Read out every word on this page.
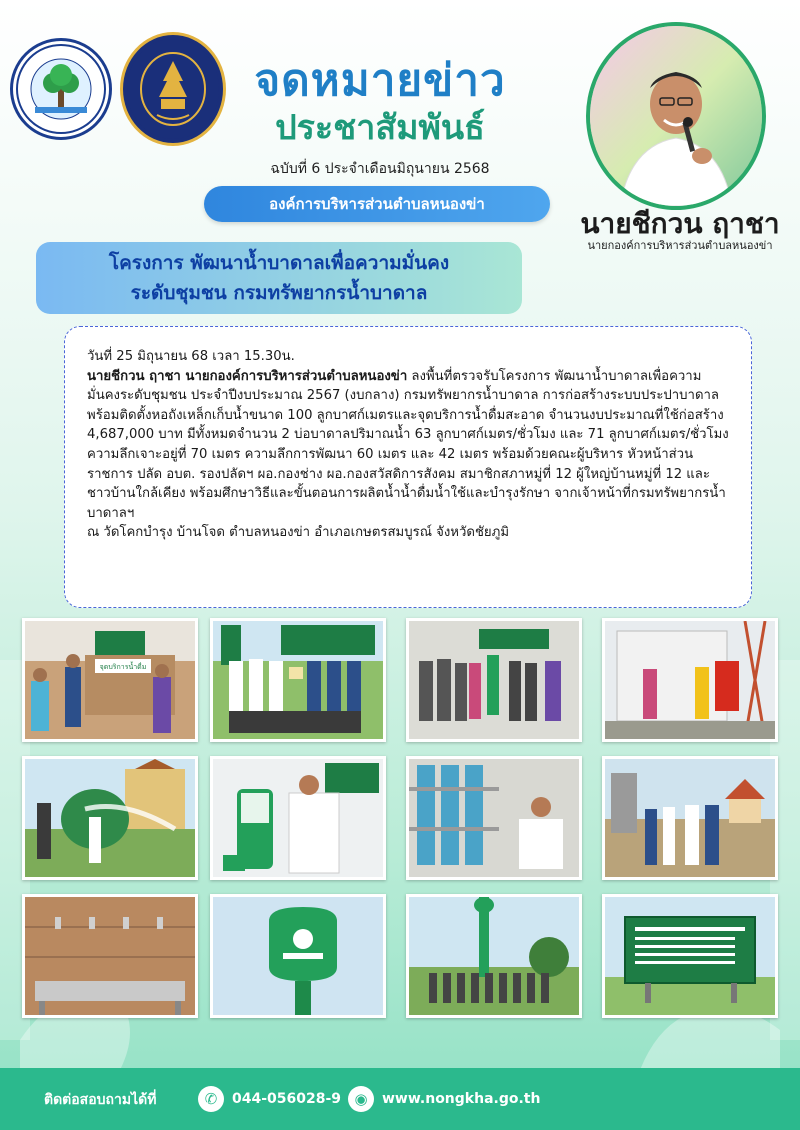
จดหมายข่าว
ประชาสัมพันธ์
ฉบับที่ 6 ประจำเดือนมิถุนายน 2568
องค์การบริหารส่วนตำบลหนองข่า
นายชีกวน ฤาชา
นายกองค์การบริหารส่วนตำบลหนองข่า
โครงการ พัฒนาน้ำบาดาลเพื่อความมั่นคง
ระดับชุมชน กรมทรัพยากรน้ำบาดาล

วันที่ 25 มิถุนายน 68 เวลา 15.30น.

นายชีกวน ฤาชา นายกองค์การบริหารส่วนตำบลหนองข่า ลงพื้นที่ตรวจรับโครงการ พัฒนาน้ำบาดาลเพื่อความมั่นคงระดับชุมชน ประจำปีงบประมาณ 2567 (งบกลาง) กรมทรัพยากรน้ำบาดาล การก่อสร้างระบบประปาบาดาล พร้อมติดตั้งหอถังเหล็กเก็บน้ำขนาด 100 ลูกบาศก์เมตรและจุดบริการน้ำดื่มสะอาด จำนวนงบประมาณที่ใช้ก่อสร้าง 4,687,000 บาท มีทั้งหมดจำนวน 2 บ่อบาดาลปริมาณน้ำ 63 ลูกบาศก์เมตร/ชั่วโมง และ 71 ลูกบาศก์เมตร/ชั่วโมง ความลึกเจาะอยู่ที่ 70 เมตร ความลึกการพัฒนา 60 เมตร และ 42 เมตร พร้อมด้วยคณะผู้บริหาร หัวหน้าส่วนราชการ ปลัด อบต. รองปลัดฯ ผอ.กองช่าง ผอ.กองสวัสดิการสังคม สมาชิกสภาหมู่ที่ 12 ผู้ใหญ่บ้านหมู่ที่ 12 และชาวบ้านใกล้เคียง พร้อมศึกษาวิธีและขั้นตอนการผลิตน้ำน้ำดื่มน้ำใช้และบำรุงรักษา จากเจ้าหน้าที่กรมทรัพยากรน้ำบาดาลฯ

ณ วัดโคกบำรุง บ้านโจด ตำบลหนองข่า อำเภอเกษตรสมบูรณ์ จังหวัดชัยภูมิ

จุดบริการน้ำดื่ม
ติดต่อสอบถามได้ที่	✆	044-056028-9 ◉	www.nongkha.go.th
